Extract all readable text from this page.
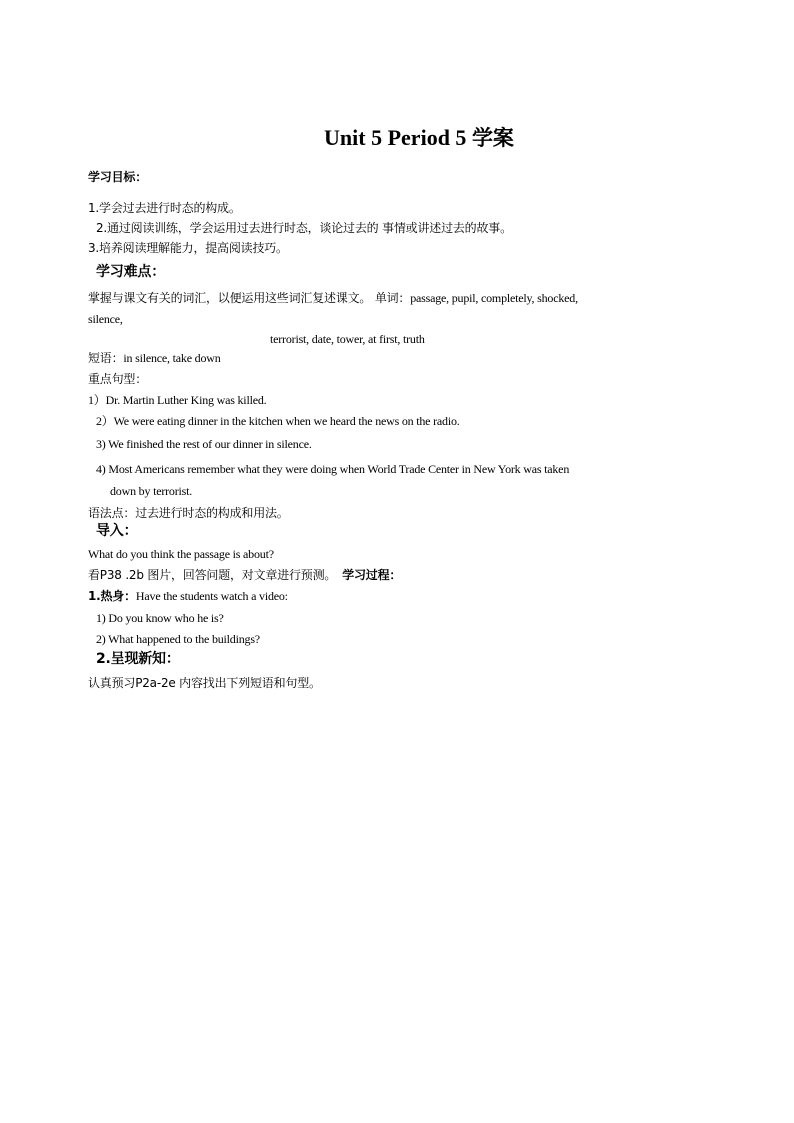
Unit 5 Period 5 学案
学习目标：
1.学会过去进行时态的构成。
2.通过阅读训练，学会运用过去进行时态，谈论过去的 事情或讲述过去的故事。
3.培养阅读理解能力，提高阅读技巧。
学习难点：
掌握与课文有关的词汇，以便运用这些词汇复述课文。 单词：passage, pupil, completely, shocked,
silence,
terrorist, date, tower, at first, truth
短语：in silence, take down
重点句型：
1）Dr. Martin Luther King was killed.
2）We were eating dinner in the kitchen when we heard the news on the radio.
3) We finished the rest of our dinner in silence.
4) Most Americans remember what they were doing when World Trade Center in New York was taken
down by terrorist.
语法点：过去进行时态的构成和用法。
导入：
What do you think the passage is about?
看P38 .2b 图片，回答问题，对文章进行预测。 学习过程：
1.热身：Have the students watch a video:
1) Do you know who he is?
2) What happened to the buildings?
2.呈现新知：
认真预习P2a-2e 内容找出下列短语和句型。
